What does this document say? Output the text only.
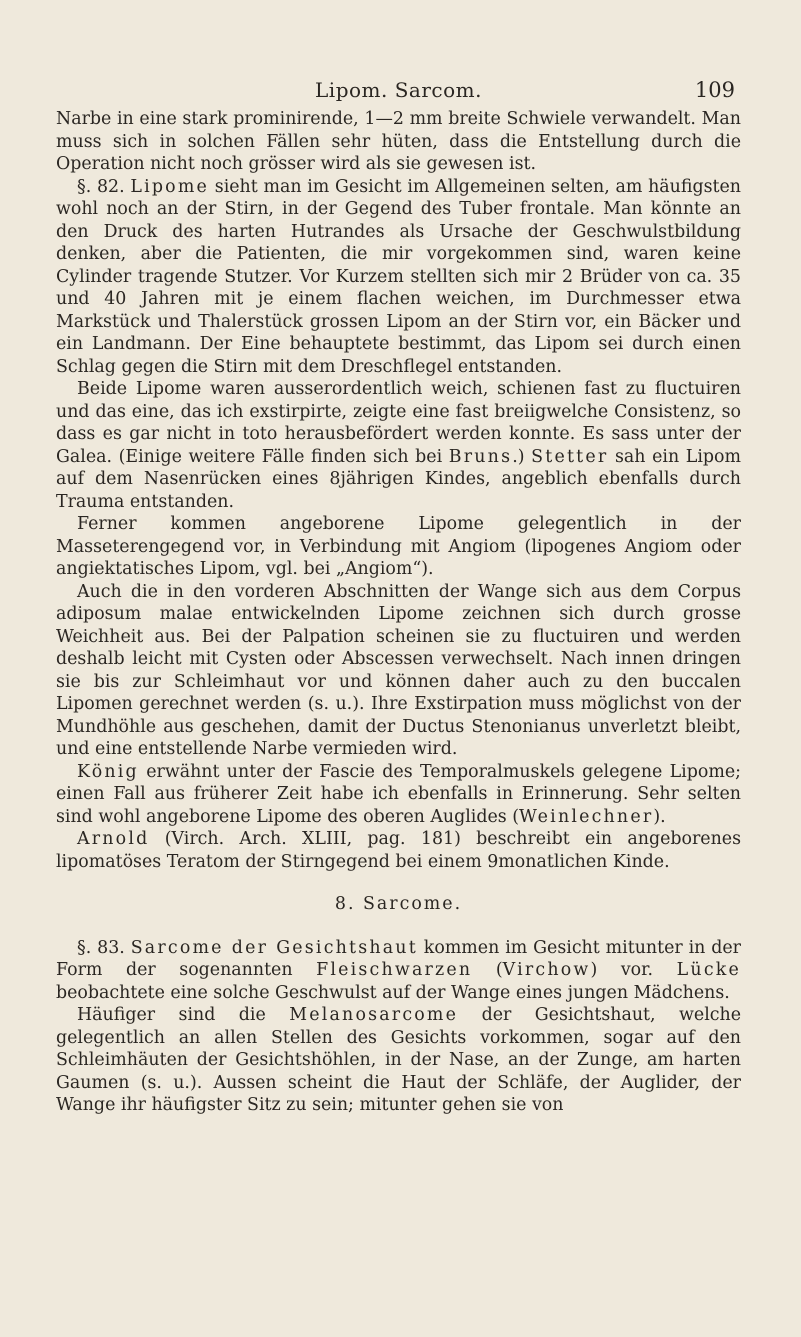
Lipom. Sarcom.	109

Narbe in eine stark prominirende, 1—2 mm breite Schwiele verwandelt. Man muss sich in solchen Fällen sehr hüten, dass die Entstellung durch die Operation nicht noch grösser wird als sie gewesen ist.

§. 82. Lipome sieht man im Gesicht im Allgemeinen selten, am häufigsten wohl noch an der Stirn, in der Gegend des Tuber frontale. Man könnte an den Druck des harten Hutrandes als Ursache der Geschwulstbildung denken, aber die Patienten, die mir vorgekommen sind, waren keine Cylinder tragende Stutzer. Vor Kurzem stellten sich mir 2 Brüder von ca. 35 und 40 Jahren mit je einem flachen weichen, im Durchmesser etwa Markstück und Thalerstück grossen Lipom an der Stirn vor, ein Bäcker und ein Landmann. Der Eine behauptete bestimmt, das Lipom sei durch einen Schlag gegen die Stirn mit dem Dreschflegel entstanden.

Beide Lipome waren ausserordentlich weich, schienen fast zu fluctuiren und das eine, das ich exstirpirte, zeigte eine fast breiigwelche Consistenz, so dass es gar nicht in toto herausbefördert werden konnte. Es sass unter der Galea. (Einige weitere Fälle finden sich bei Bruns.) Stetter sah ein Lipom auf dem Nasenrücken eines 8jährigen Kindes, angeblich ebenfalls durch Trauma entstanden.

Ferner kommen angeborene Lipome gelegentlich in der Masseterengegend vor, in Verbindung mit Angiom (lipogenes Angiom oder angiektatisches Lipom, vgl. bei „Angiom“).

Auch die in den vorderen Abschnitten der Wange sich aus dem Corpus adiposum malae entwickelnden Lipome zeichnen sich durch grosse Weichheit aus. Bei der Palpation scheinen sie zu fluctuiren und werden deshalb leicht mit Cysten oder Abscessen verwechselt. Nach innen dringen sie bis zur Schleimhaut vor und können daher auch zu den buccalen Lipomen gerechnet werden (s. u.). Ihre Exstirpation muss möglichst von der Mundhöhle aus geschehen, damit der Ductus Stenonianus unverletzt bleibt, und eine entstellende Narbe vermieden wird.

König erwähnt unter der Fascie des Temporalmuskels gelegene Lipome; einen Fall aus früherer Zeit habe ich ebenfalls in Erinnerung. Sehr selten sind wohl angeborene Lipome des oberen Auglides (Weinlechner).

Arnold (Virch. Arch. XLIII, pag. 181) beschreibt ein angeborenes lipomatöses Teratom der Stirngegend bei einem 9monatlichen Kinde.

8. Sarcome.

§. 83. Sarcome der Gesichtshaut kommen im Gesicht mitunter in der Form der sogenannten Fleischwarzen (Virchow) vor. Lücke beobachtete eine solche Geschwulst auf der Wange eines jungen Mädchens.

Häufiger sind die Melanosarcome der Gesichtshaut, welche gelegentlich an allen Stellen des Gesichts vorkommen, sogar auf den Schleimhäuten der Gesichtshöhlen, in der Nase, an der Zunge, am harten Gaumen (s. u.). Aussen scheint die Haut der Schläfe, der Auglider, der Wange ihr häufigster Sitz zu sein; mitunter gehen sie von
